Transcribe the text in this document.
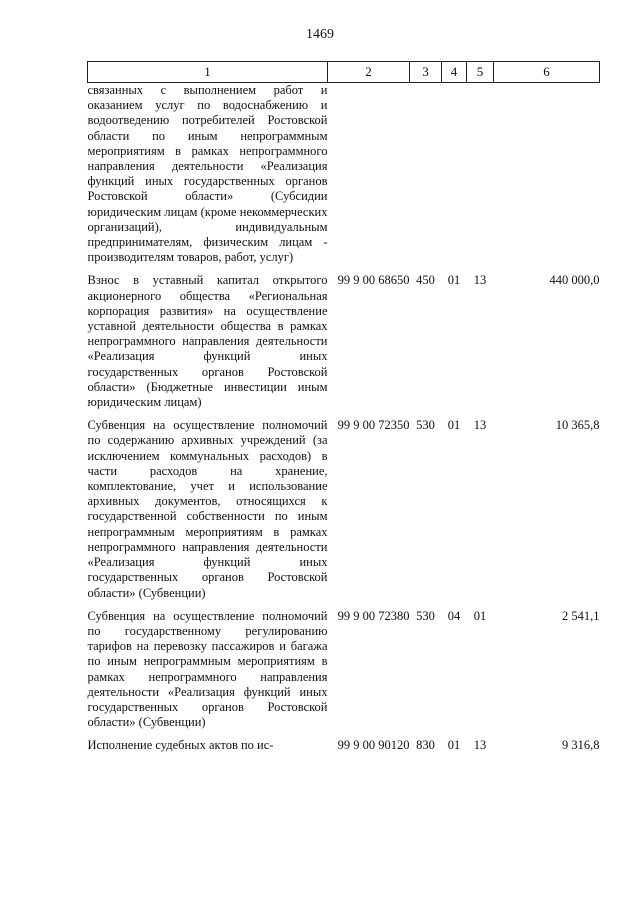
1469
1	2	3	4	5	6

связанных с выполнением работ и оказанием услуг по водоснабжению и водоотведению потребителей Ростовской области по иным непрограммным мероприятиям в рамках непрограммного направления деятельности «Реализация функций иных государственных органов Ростовской области» (Субсидии юридическим лицам (кроме некоммерческих организаций), индивидуальным предпринимателям, физическим лицам - производителям товаров, работ, услуг)					

Взнос в уставный капитал открытого акционерного общества «Региональная корпорация развития» на осуществление уставной деятельности общества в рамках непрограммного направления деятельности «Реализация функций иных государственных органов Ростовской области» (Бюджетные инвестиции иным юридическим лицам)	99 9 00 68650	450	01	13	440 000,0

Субвенция на осуществление полномочий по содержанию архивных учреждений (за исключением коммунальных расходов) в части расходов на хранение, комплектование, учет и использование архивных документов, относящихся к государственной собственности по иным непрограммным мероприятиям в рамках непрограммного направления деятельности «Реализация функций иных государственных органов Ростовской области» (Субвенции)	99 9 00 72350	530	01	13	10 365,8

Субвенция на осуществление полномочий по государственному регулированию тарифов на перевозку пассажиров и багажа по иным непрограммным мероприятиям в рамках непрограммного направления деятельности «Реализация функций иных государственных органов Ростовской области» (Субвенции)	99 9 00 72380	530	04	01	2 541,1

Исполнение судебных актов по ис-	99 9 00 90120	830	01	13	9 316,8
